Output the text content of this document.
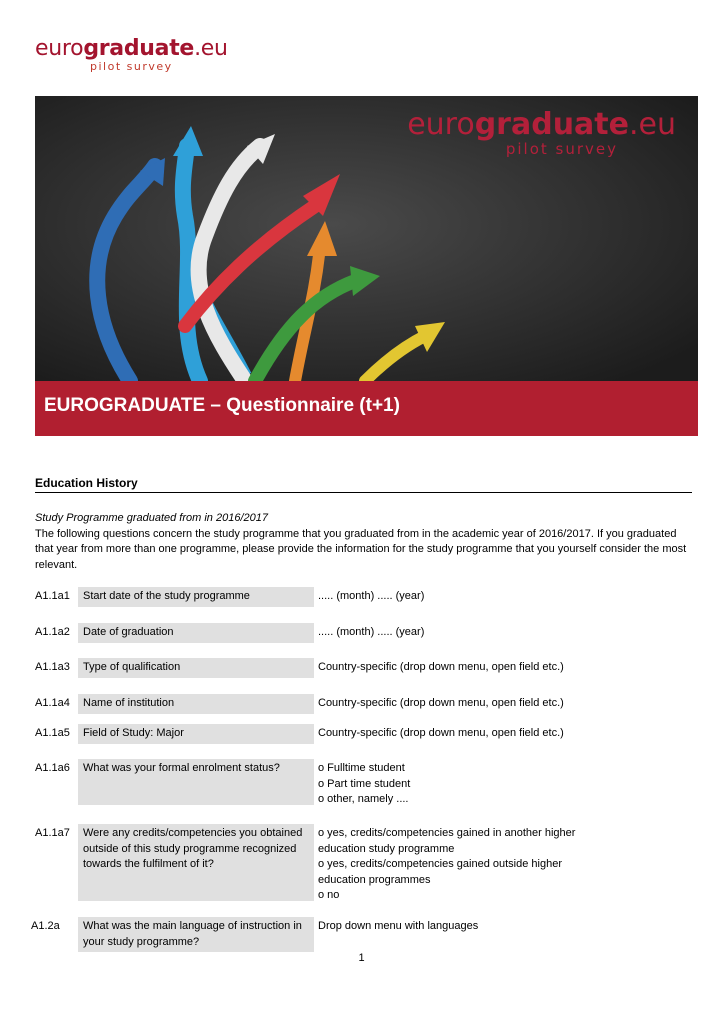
eurograduate.eu
pilot survey
eurograduate.eu
pilot survey
EUROGRADUATE – Questionnaire (t+1)
Education History
Study Programme graduated from in 2016/2017
The following questions concern the study programme that you graduated from in the academic year of 2016/2017. If you graduated that year from more than one programme, please provide the information for the study programme that you yourself consider the most relevant.
A1.1a1	Start date of the study programme	..... (month) ..... (year)
A1.1a2	Date of graduation	..... (month) ..... (year)
A1.1a3	Type of qualification	Country-specific (drop down menu, open field etc.)
A1.1a4	Name of institution	Country-specific (drop down menu, open field etc.)
A1.1a5	Field of Study: Major	Country-specific (drop down menu, open field etc.)
A1.1a6	What was your formal enrolment status?	o Fulltime student
o Part time student
o other, namely ....
A1.1a7	Were any credits/competencies you obtained outside of this study programme recognized towards the fulfilment of it?
o yes, credits/competencies gained in another higher education study programme
o yes, credits/competencies gained outside higher education programmes
o no
A1.2a	What was the main language of instruction in your study programme?
Drop down menu with languages
1
